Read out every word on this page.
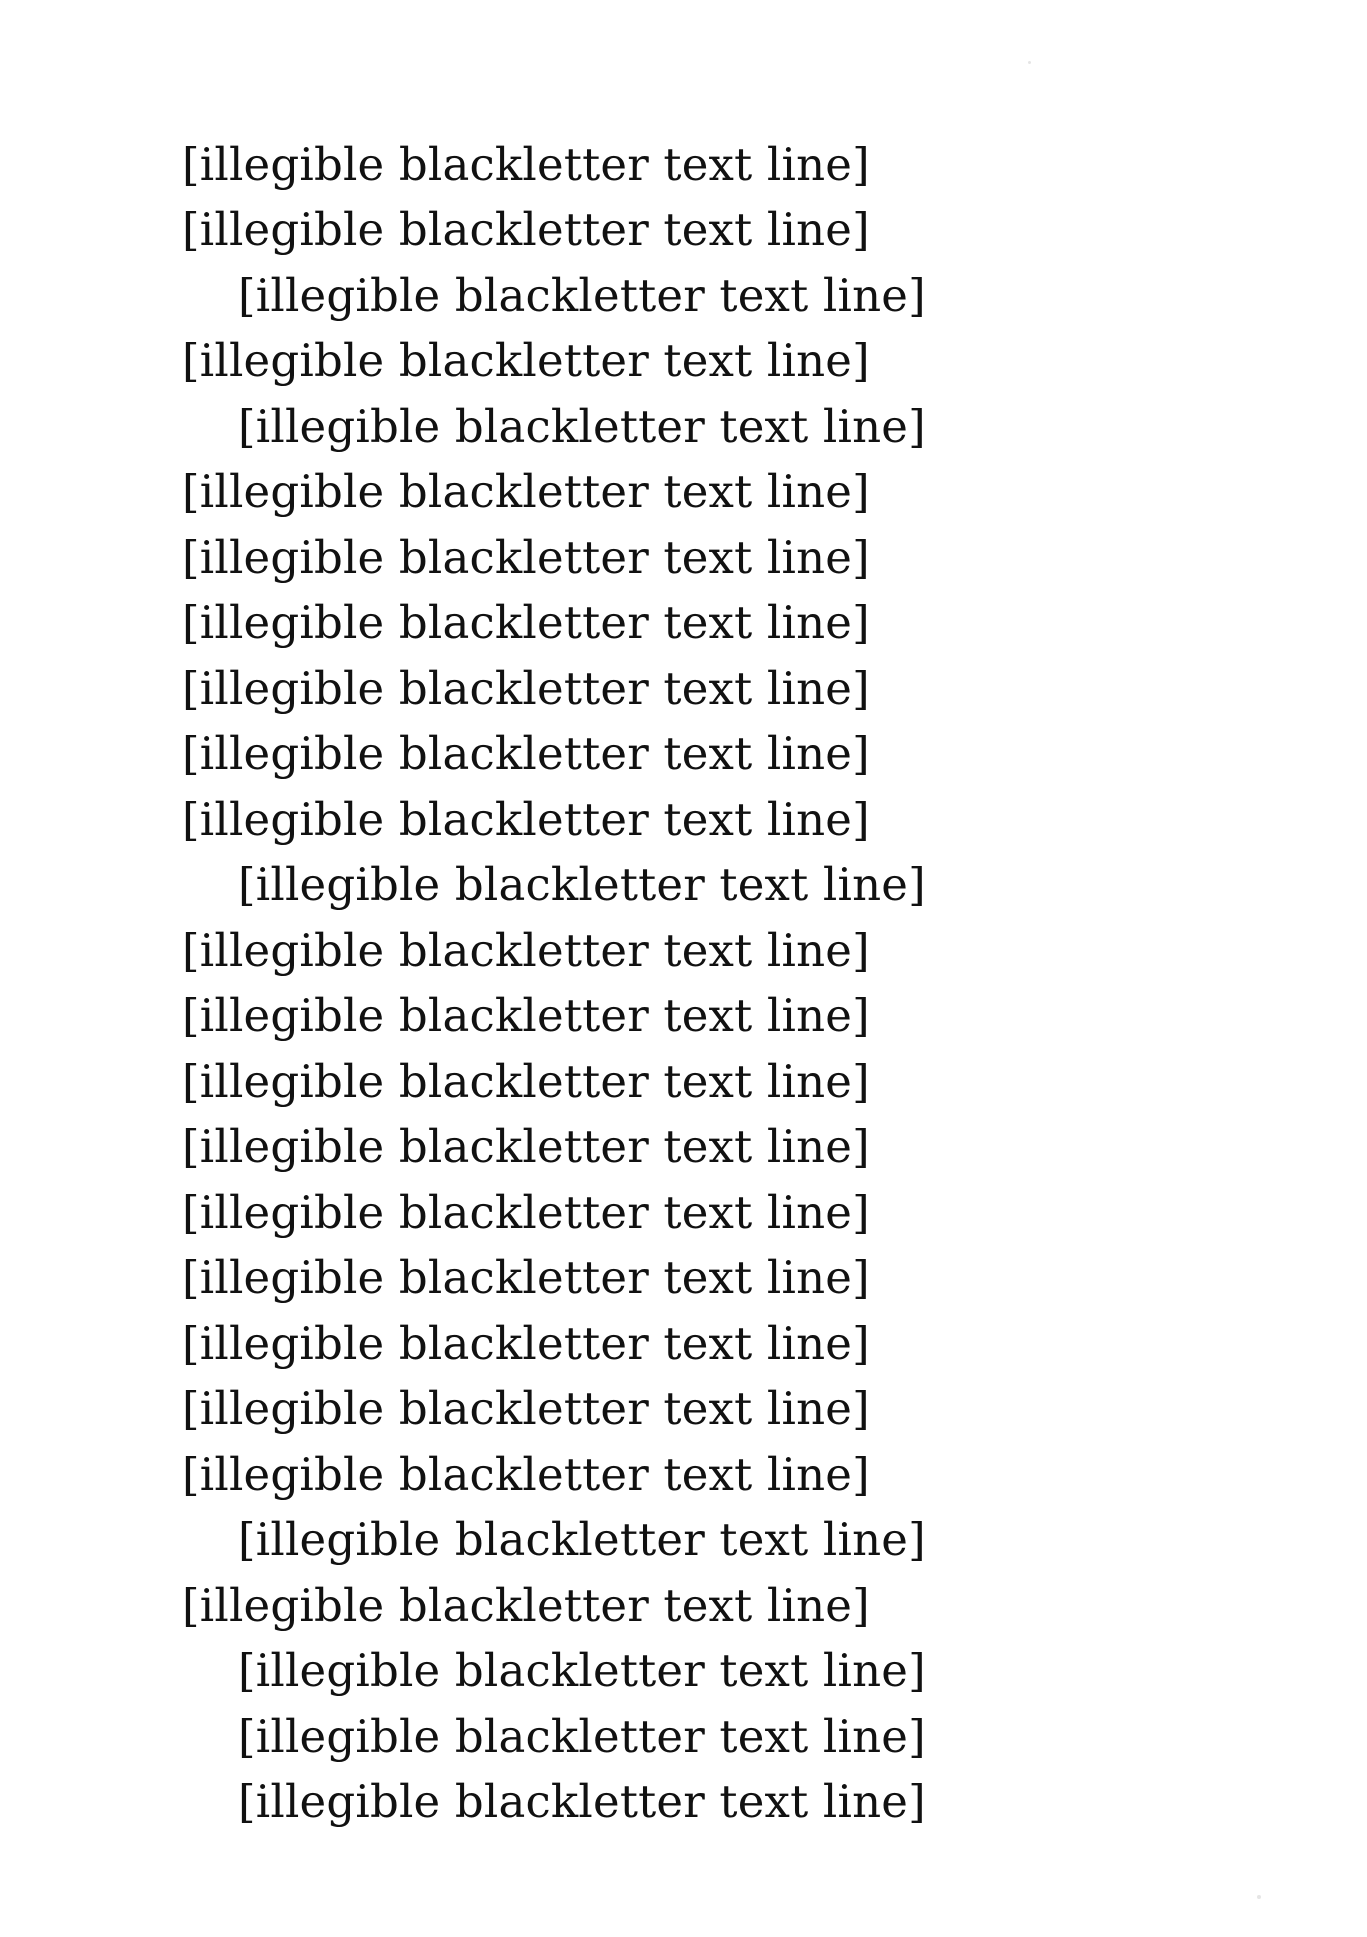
[illegible blackletter text line]
[illegible blackletter text line]
[illegible blackletter text line]
[illegible blackletter text line]
[illegible blackletter text line]
[illegible blackletter text line]
[illegible blackletter text line]
[illegible blackletter text line]
[illegible blackletter text line]
[illegible blackletter text line]
[illegible blackletter text line]
[illegible blackletter text line]
[illegible blackletter text line]
[illegible blackletter text line]
[illegible blackletter text line]
[illegible blackletter text line]
[illegible blackletter text line]
[illegible blackletter text line]
[illegible blackletter text line]
[illegible blackletter text line]
[illegible blackletter text line]
[illegible blackletter text line]
[illegible blackletter text line]
[illegible blackletter text line]
[illegible blackletter text line]
[illegible blackletter text line]
